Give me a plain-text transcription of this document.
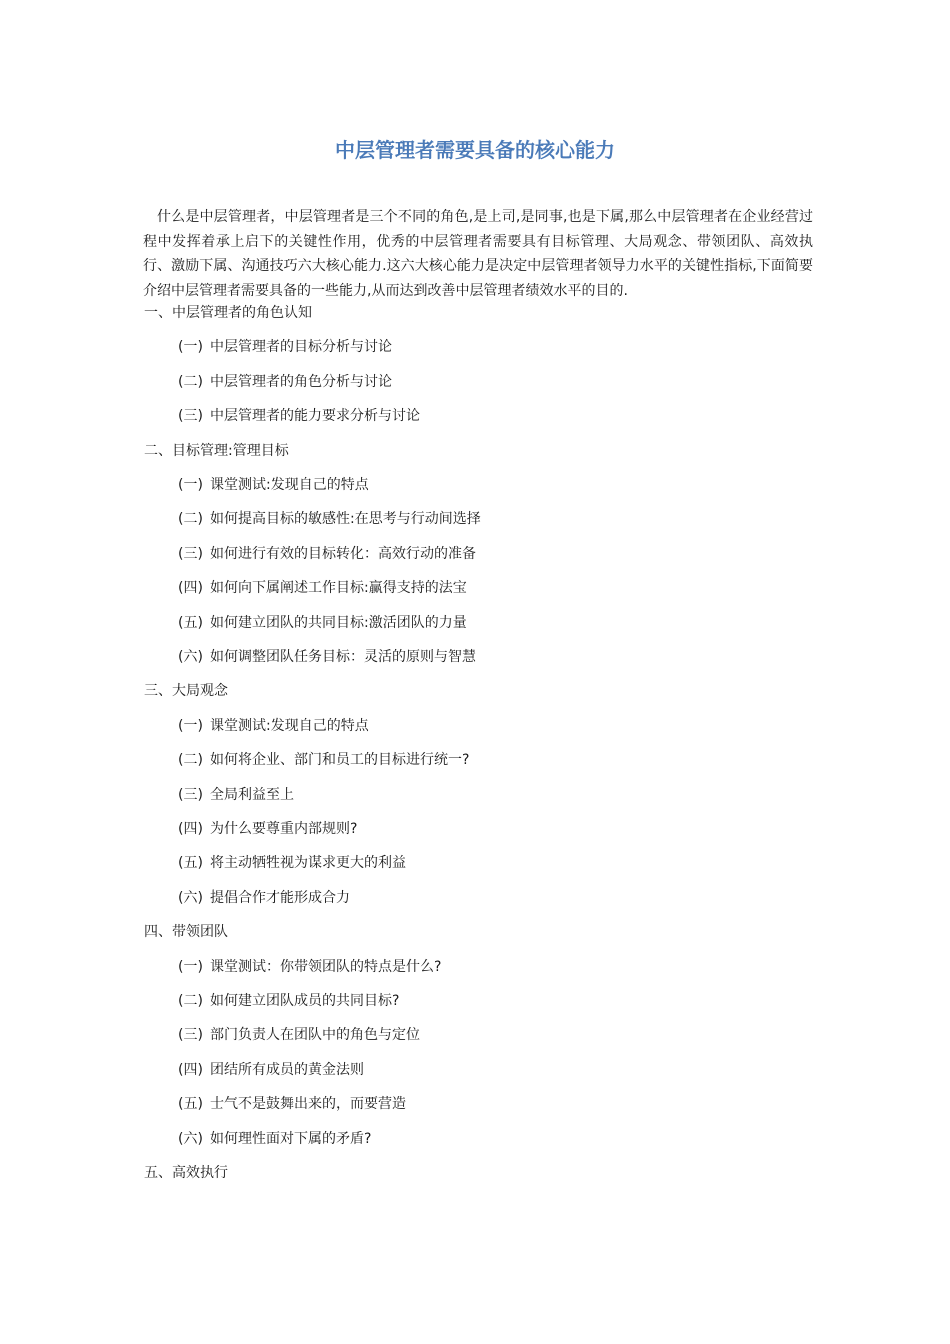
中层管理者需要具备的核心能力

什么是中层管理者，中层管理者是三个不同的角色,是上司,是同事,也是下属,那么中层管理者在企业经营过程中发挥着承上启下的关键性作用，优秀的中层管理者需要具有目标管理、大局观念、带领团队、高效执行、激励下属、沟通技巧六大核心能力.这六大核心能力是决定中层管理者领导力水平的关键性指标,下面简要介绍中层管理者需要具备的一些能力,从而达到改善中层管理者绩效水平的目的.

一、中层管理者的角色认知
(一) 中层管理者的目标分析与讨论
(二) 中层管理者的角色分析与讨论
(三) 中层管理者的能力要求分析与讨论
二、目标管理:管理目标
(一) 课堂测试:发现自己的特点
(二) 如何提高目标的敏感性:在思考与行动间选择
(三) 如何进行有效的目标转化：高效行动的准备
(四) 如何向下属阐述工作目标:赢得支持的法宝
(五) 如何建立团队的共同目标:激活团队的力量
(六) 如何调整团队任务目标：灵活的原则与智慧
三、大局观念
(一) 课堂测试:发现自己的特点
(二) 如何将企业、部门和员工的目标进行统一?
(三) 全局利益至上
(四) 为什么要尊重内部规则?
(五) 将主动牺牲视为谋求更大的利益
(六) 提倡合作才能形成合力
四、带领团队
(一) 课堂测试：你带领团队的特点是什么?
(二) 如何建立团队成员的共同目标?
(三) 部门负责人在团队中的角色与定位
(四) 团结所有成员的黄金法则
(五) 士气不是鼓舞出来的，而要营造
(六) 如何理性面对下属的矛盾?
五、高效执行
